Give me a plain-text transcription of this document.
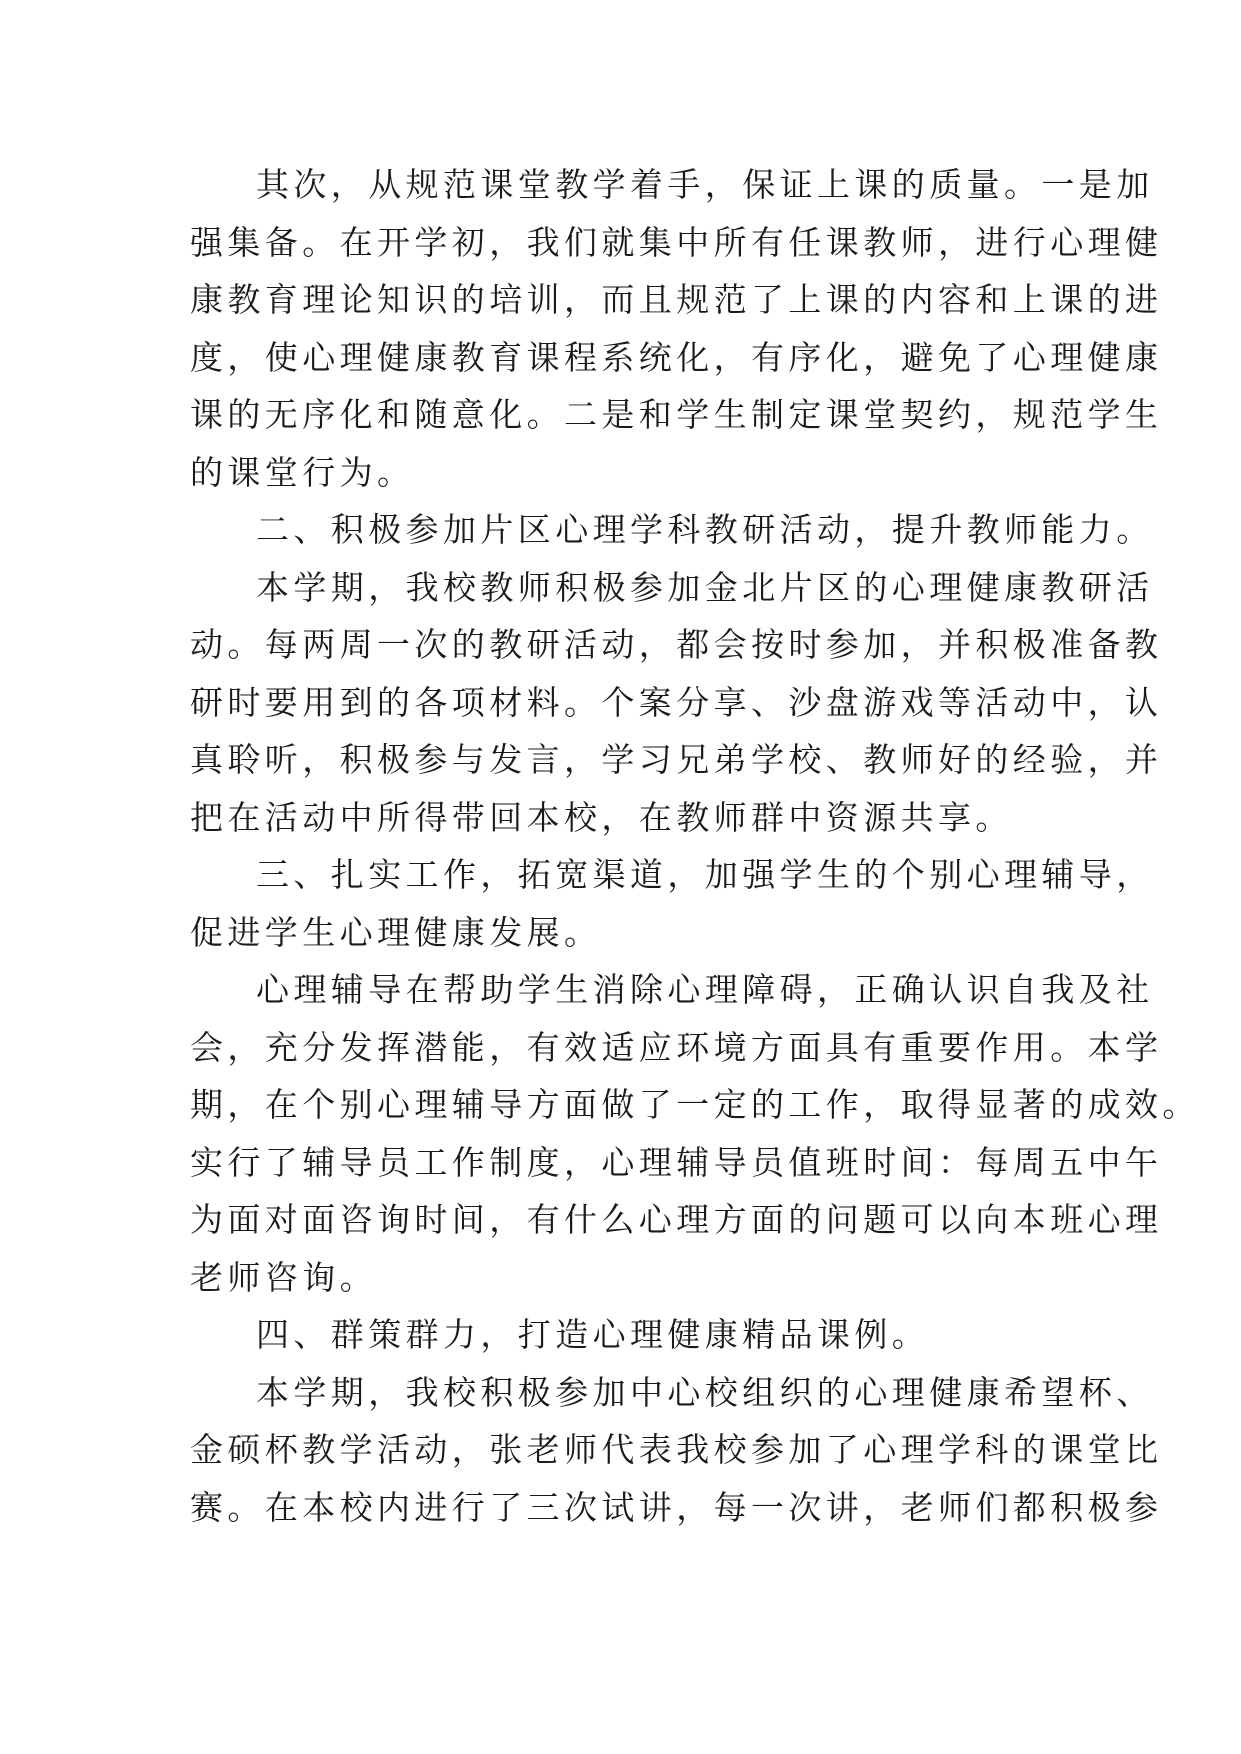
其次，从规范课堂教学着手，保证上课的质量。一是加
强集备。在开学初，我们就集中所有任课教师，进行心理健
康教育理论知识的培训，而且规范了上课的内容和上课的进
度，使心理健康教育课程系统化，有序化，避免了心理健康
课的无序化和随意化。二是和学生制定课堂契约，规范学生
的课堂行为。
二、积极参加片区心理学科教研活动，提升教师能力。
本学期，我校教师积极参加金北片区的心理健康教研活
动。每两周一次的教研活动，都会按时参加，并积极准备教
研时要用到的各项材料。个案分享、沙盘游戏等活动中，认
真聆听，积极参与发言，学习兄弟学校、教师好的经验，并
把在活动中所得带回本校，在教师群中资源共享。
三、扎实工作，拓宽渠道，加强学生的个别心理辅导，
促进学生心理健康发展。
心理辅导在帮助学生消除心理障碍，正确认识自我及社
会，充分发挥潜能，有效适应环境方面具有重要作用。本学
期，在个别心理辅导方面做了一定的工作，取得显著的成效。
实行了辅导员工作制度，心理辅导员值班时间：每周五中午
为面对面咨询时间，有什么心理方面的问题可以向本班心理
老师咨询。
四、群策群力，打造心理健康精品课例。
本学期，我校积极参加中心校组织的心理健康希望杯、
金硕杯教学活动，张老师代表我校参加了心理学科的课堂比
赛。在本校内进行了三次试讲，每一次讲，老师们都积极参
